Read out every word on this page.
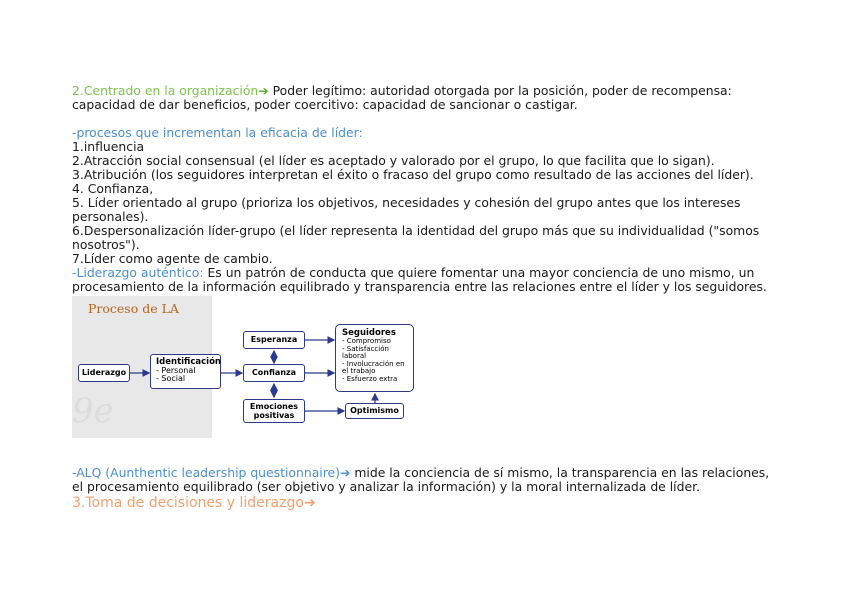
2.Centrado en la organización➔ Poder legítimo: autoridad otorgada por la posición, poder de recompensa: capacidad de dar beneficios, poder coercitivo: capacidad de sancionar o castigar.

-procesos que incrementan la eficacia de líder:

1.influencia

2.Atracción social consensual (el líder es aceptado y valorado por el grupo, lo que facilita que lo sigan).

3.Atribución (los seguidores interpretan el éxito o fracaso del grupo como resultado de las acciones del líder).

4. Confianza,

5. Líder orientado al grupo (prioriza los objetivos, necesidades y cohesión del grupo antes que los intereses personales).

6.Despersonalización líder-grupo (el líder representa la identidad del grupo más que su individualidad ("somos nosotros").

7.Líder como agente de cambio.

-Liderazgo auténtico: Es un patrón de conducta que quiere fomentar una mayor conciencia de uno mismo, un procesamiento de la información equilibrado y transparencia entre las relaciones entre el líder y los seguidores.

Proceso de LA
9e
Liderazgo
Identificación
- Personal
- Social
Esperanza
Confianza
Emociones
positivas
Seguidores
- Compromiso
- Satisfacción
laboral
- Involucración en
el trabajo
- Esfuerzo extra
Optimismo

-ALQ (Aunthentic leadership questionnaire)➔ mide la conciencia de sí mismo, la transparencia en las relaciones, el procesamiento equilibrado (ser objetivo y analizar la información) y la moral internalizada de líder.

3.Toma de decisiones y liderazgo➔
